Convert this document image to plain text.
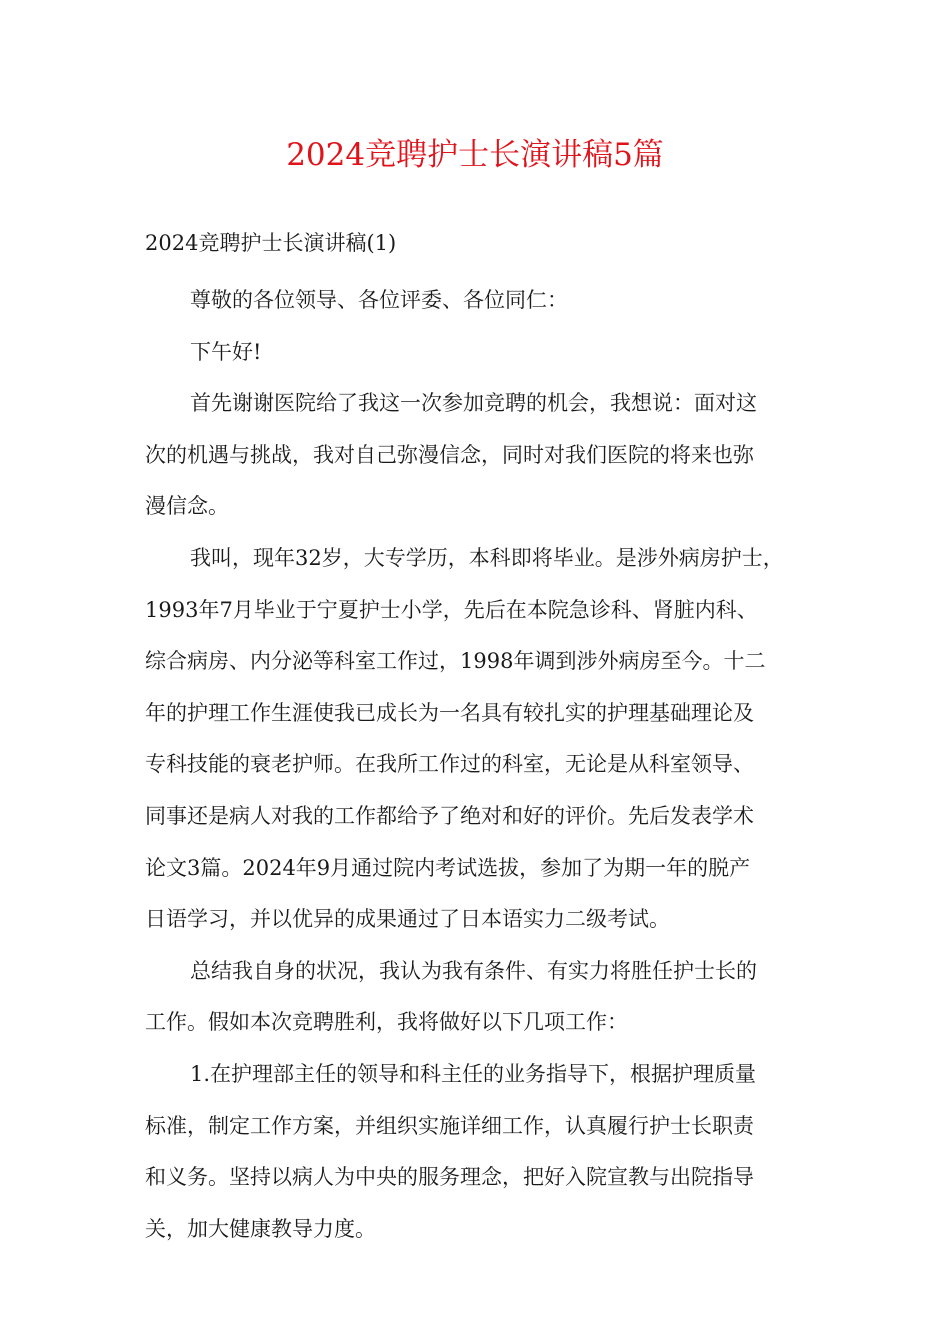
2024竞聘护士长演讲稿5篇

2024竞聘护士长演讲稿(1)

尊敬的各位领导、各位评委、各位同仁：
下午好!
首先谢谢医院给了我这一次参加竞聘的机会，我想说：面对这
次的机遇与挑战，我对自己弥漫信念，同时对我们医院的将来也弥
漫信念。
我叫，现年32岁，大专学历，本科即将毕业。是涉外病房护士，
1993年7月毕业于宁夏护士小学，先后在本院急诊科、肾脏内科、
综合病房、内分泌等科室工作过，1998年调到涉外病房至今。十二
年的护理工作生涯使我已成长为一名具有较扎实的护理基础理论及
专科技能的衰老护师。在我所工作过的科室，无论是从科室领导、
同事还是病人对我的工作都给予了绝对和好的评价。先后发表学术
论文3篇。2024年9月通过院内考试选拔，参加了为期一年的脱产
日语学习，并以优异的成果通过了日本语实力二级考试。
总结我自身的状况，我认为我有条件、有实力将胜任护士长的
工作。假如本次竞聘胜利，我将做好以下几项工作：
1.在护理部主任的领导和科主任的业务指导下，根据护理质量
标准，制定工作方案，并组织实施详细工作，认真履行护士长职责
和义务。坚持以病人为中央的服务理念，把好入院宣教与出院指导
关，加大健康教导力度。
